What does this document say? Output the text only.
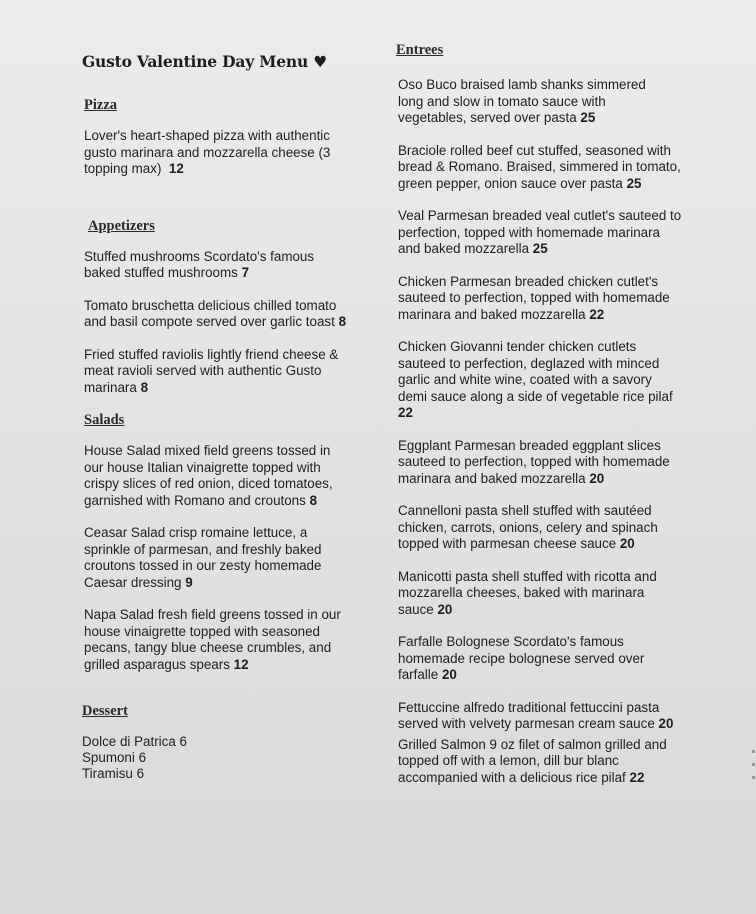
Gusto Valentine Day Menu ♥
Pizza
Lover's heart-shaped pizza with authentic gusto marinara and mozzarella cheese (3 topping max) 12
Appetizers
Stuffed mushrooms Scordato's famous baked stuffed mushrooms 7
Tomato bruschetta delicious chilled tomato and basil compote served over garlic toast 8
Fried stuffed raviolis lightly friend cheese & meat ravioli served with authentic Gusto marinara 8
Salads
House Salad mixed field greens tossed in our house Italian vinaigrette topped with crispy slices of red onion, diced tomatoes, garnished with Romano and croutons 8
Ceasar Salad crisp romaine lettuce, a sprinkle of parmesan, and freshly baked croutons tossed in our zesty homemade Caesar dressing 9
Napa Salad fresh field greens tossed in our house vinaigrette topped with seasoned pecans, tangy blue cheese crumbles, and grilled asparagus spears 12
Dessert
Dolce di Patrica 6
Spumoni 6
Tiramisu 6
Entrees
Oso Buco braised lamb shanks simmered long and slow in tomato sauce with vegetables, served over pasta 25
Braciole rolled beef cut stuffed, seasoned with bread & Romano. Braised, simmered in tomato, green pepper, onion sauce over pasta 25
Veal Parmesan breaded veal cutlet's sauteed to perfection, topped with homemade marinara and baked mozzarella 25
Chicken Parmesan breaded chicken cutlet's sauteed to perfection, topped with homemade marinara and baked mozzarella 22
Chicken Giovanni tender chicken cutlets sauteed to perfection, deglazed with minced garlic and white wine, coated with a savory demi sauce along a side of vegetable rice pilaf 22
Eggplant Parmesan breaded eggplant slices sauteed to perfection, topped with homemade marinara and baked mozzarella 20
Cannelloni pasta shell stuffed with sautéed chicken, carrots, onions, celery and spinach topped with parmesan cheese sauce 20
Manicotti pasta shell stuffed with ricotta and mozzarella cheeses, baked with marinara sauce 20
Farfalle Bolognese Scordato's famous homemade recipe bolognese served over farfalle 20
Fettuccine alfredo traditional fettuccini pasta served with velvety parmesan cream sauce 20
Grilled Salmon 9 oz filet of salmon grilled and topped off with a lemon, dill bur blanc accompanied with a delicious rice pilaf 22
